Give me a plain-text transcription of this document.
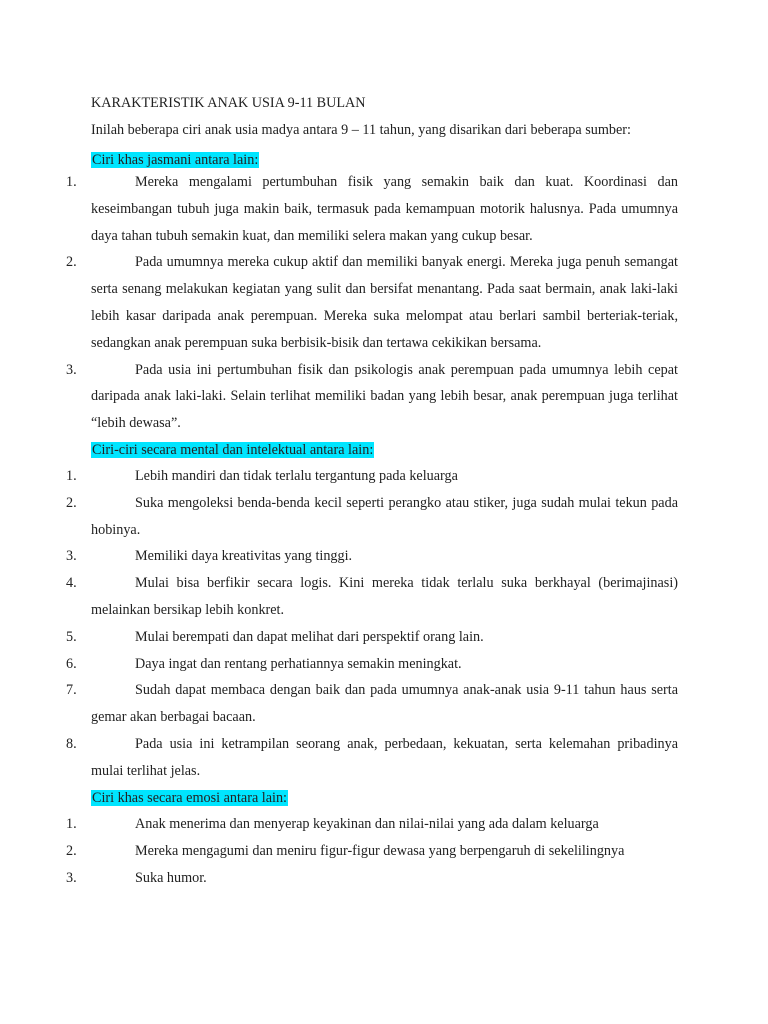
KARAKTERISTIK ANAK USIA 9-11 BULAN
Inilah beberapa ciri anak usia madya antara 9 – 11 tahun, yang disarikan dari beberapa sumber:
Ciri khas jasmani antara lain:
1.	Mereka mengalami pertumbuhan fisik yang semakin baik dan kuat. Koordinasi dan keseimbangan tubuh juga makin baik, termasuk pada kemampuan motorik halusnya. Pada umumnya daya tahan tubuh semakin kuat, dan memiliki selera makan yang cukup besar.
2.	Pada umumnya mereka cukup aktif dan memiliki banyak energi. Mereka juga penuh semangat serta senang melakukan kegiatan yang sulit dan bersifat menantang. Pada saat bermain, anak laki-laki lebih kasar daripada anak perempuan. Mereka suka melompat atau berlari sambil berteriak-teriak, sedangkan anak perempuan suka berbisik-bisik dan tertawa cekikikan bersama.
3.	Pada usia ini pertumbuhan fisik dan psikologis anak perempuan pada umumnya lebih cepat daripada anak laki-laki. Selain terlihat memiliki badan yang lebih besar, anak perempuan juga terlihat “lebih dewasa”.
Ciri-ciri secara mental dan intelektual antara lain:
1.	Lebih mandiri dan tidak terlalu tergantung pada keluarga
2.	Suka mengoleksi benda-benda kecil seperti perangko atau stiker, juga sudah mulai tekun pada hobinya.
3.	Memiliki daya kreativitas yang tinggi.
4.	Mulai bisa berfikir secara logis. Kini mereka tidak terlalu suka berkhayal (berimajinasi) melainkan bersikap lebih konkret.
5.	Mulai berempati dan dapat melihat dari perspektif orang lain.
6.	Daya ingat dan rentang perhatiannya semakin meningkat.
7.	Sudah dapat membaca dengan baik dan pada umumnya anak-anak usia 9-11 tahun haus serta gemar akan berbagai bacaan.
8.	Pada usia ini ketrampilan seorang anak, perbedaan, kekuatan, serta kelemahan pribadinya mulai terlihat jelas.
Ciri khas secara emosi antara lain:
1.	Anak menerima dan menyerap keyakinan dan nilai-nilai yang ada dalam keluarga
2.	Mereka mengagumi dan meniru figur-figur dewasa yang berpengaruh di sekelilingnya
3.	Suka humor.
